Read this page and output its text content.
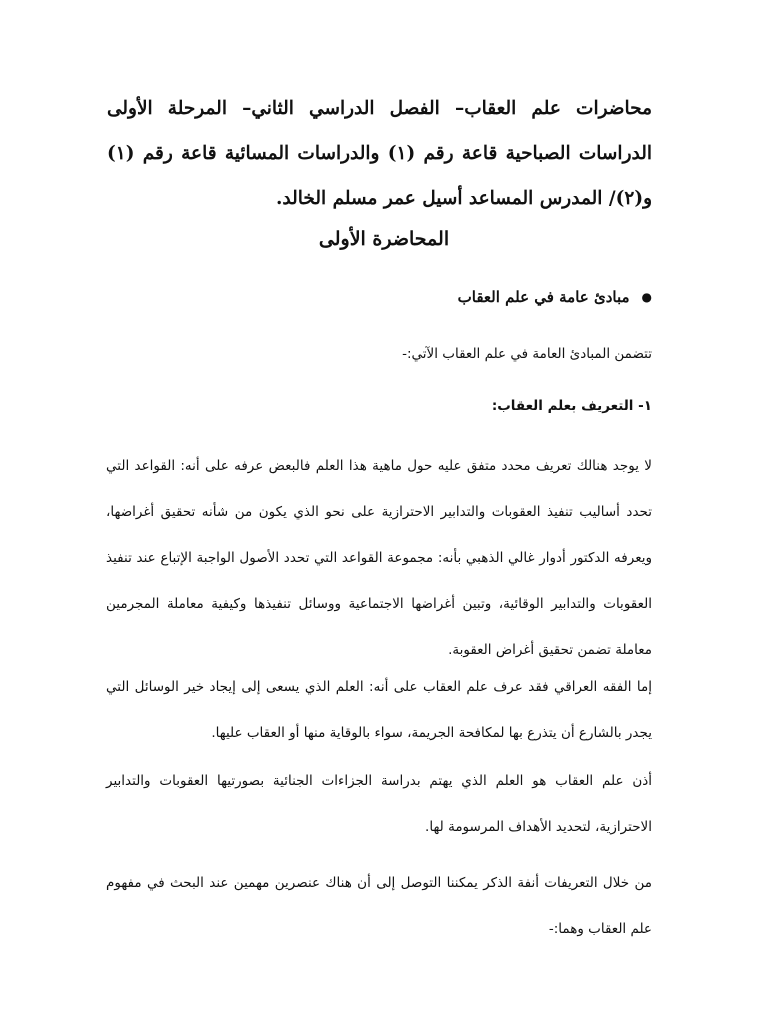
محاضرات علم العقاب– الفصل الدراسي الثاني– المرحلة الأولى الدراسات الصباحية قاعة رقم (١) والدراسات المسائية قاعة رقم (١) و(٢)/ المدرس المساعد أسيل عمر مسلم الخالد.

المحاضرة الأولى
●
مبادئ عامة في علم العقاب

تتضمن المبادئ العامة في علم العقاب الآتي:-

١- التعريف بعلم العقاب:

لا يوجد هنالك تعريف محدد متفق عليه حول ماهية هذا العلم فالبعض عرفه على أنه: القواعد التي تحدد أساليب تنفيذ العقوبات والتدابير الاحترازية على نحو الذي يكون من شأنه تحقيق أغراضها، ويعرفه الدكتور أدوار غالي الذهبي بأنه: مجموعة القواعد التي تحدد الأصول الواجبة الإتباع عند تنفيذ العقوبات والتدابير الوقائية، وتبين أغراضها الاجتماعية ووسائل تنفيذها وكيفية معاملة المجرمين معاملة تضمن تحقيق أغراض العقوبة.

إما الفقه العراقي فقد عرف علم العقاب على أنه: العلم الذي يسعى إلى إيجاد خير الوسائل التي يجدر بالشارع أن يتذرع بها لمكافحة الجريمة، سواء بالوقاية منها أو العقاب عليها.

أذن علم العقاب هو العلم الذي يهتم بدراسة الجزاءات الجنائية بصورتيها العقوبات والتدابير الاحترازية، لتحديد الأهداف المرسومة لها.

من خلال التعريفات أنفة الذكر يمكننا التوصل إلى أن هناك عنصرين مهمين عند البحث في مفهوم علم العقاب وهما:-
